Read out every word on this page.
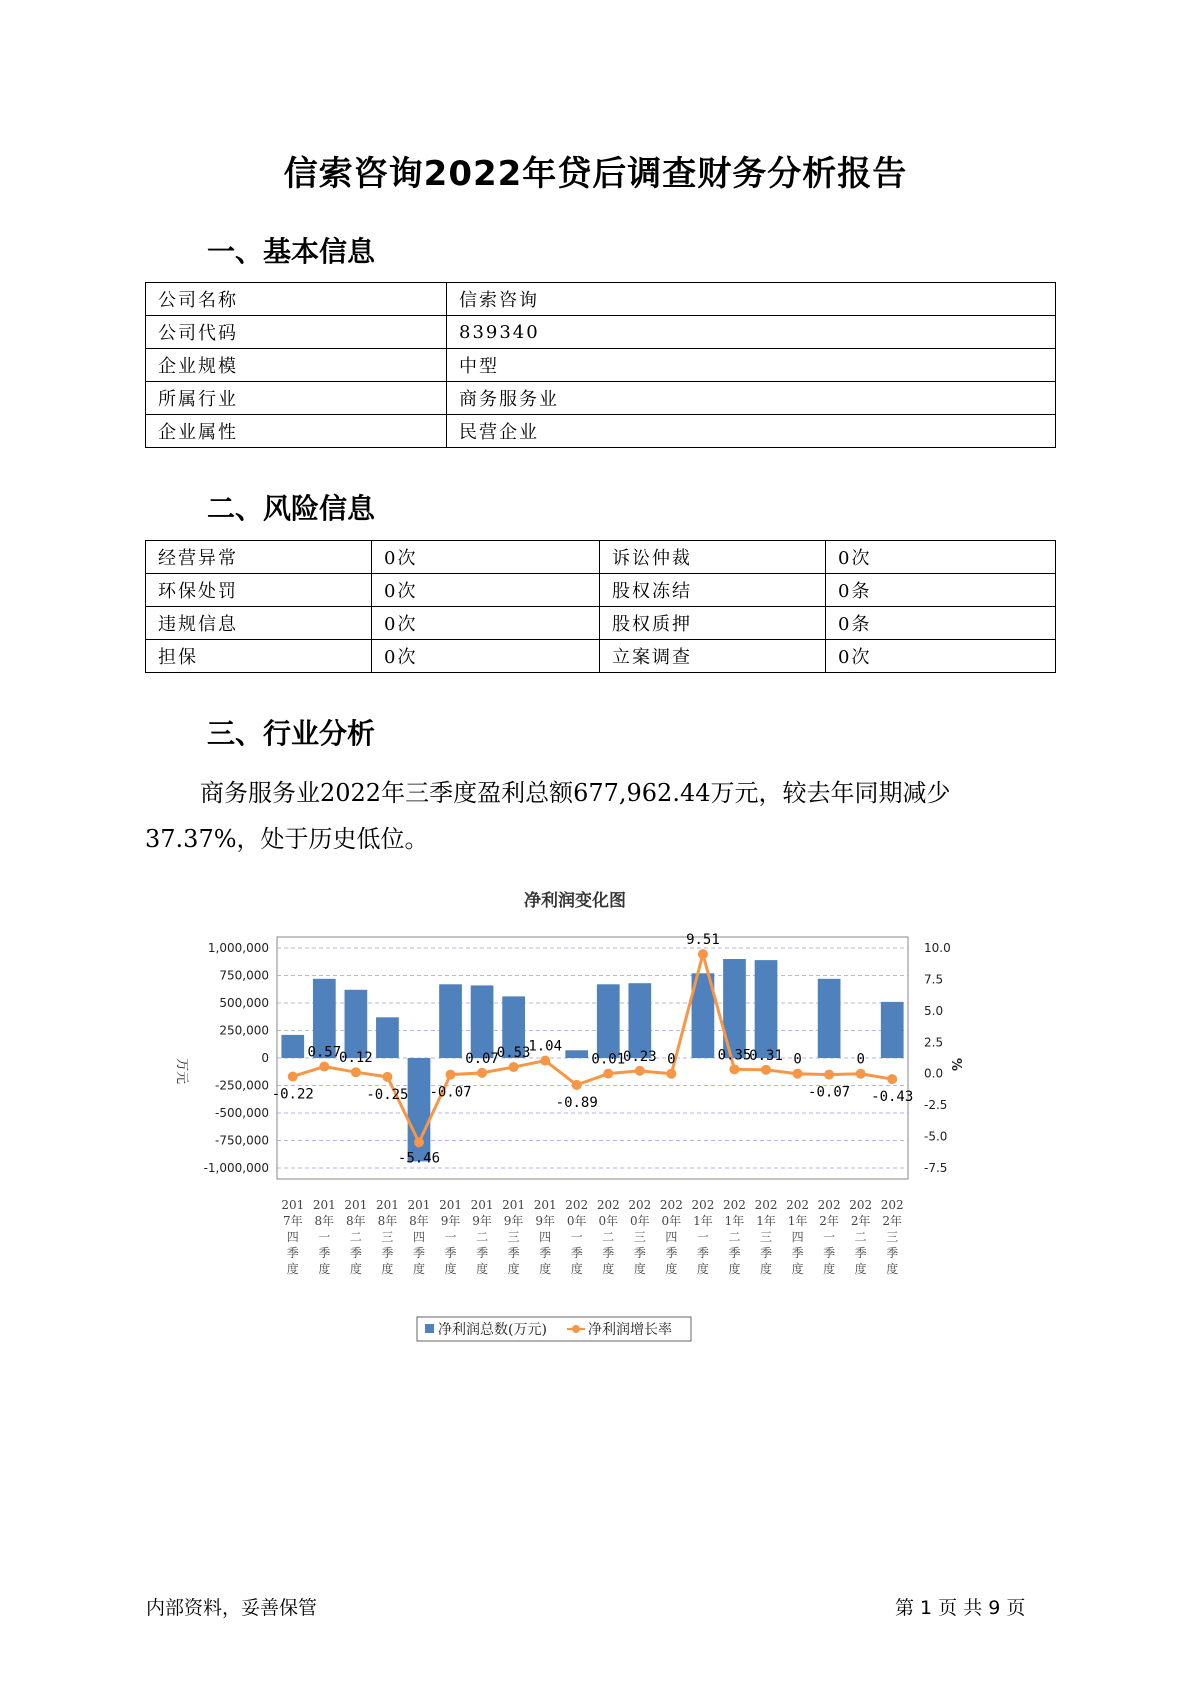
信索咨询2022年贷后调查财务分析报告
一、基本信息
公司名称	信索咨询
公司代码	839340
企业规模	中型
所属行业	商务服务业
企业属性	民营企业
二、风险信息
经营异常	0次	诉讼仲裁	0次
环保处罚	0次	股权冻结	0条
违规信息	0次	股权质押	0条
担保	0次	立案调查	0次
三、行业分析
商务服务业2022年三季度盈利总额677,962.44万元，较去年同期减少37.37%，处于历史低位。
净利润变化图
1,000,000
750,000
500,000
250,000
0
-250,000
-500,000
-750,000
-1,000,000
10.0
7.5
5.0
2.5
0.0
-2.5
-5.0
-7.5
万元	%
-0.22
0.57
0.12
-0.25
-5.46
-0.07
0.07
0.53
1.04
-0.89
0.01
0.23 0
9.51
0.35
0.31 0
-0.07
0
-0.43
201 7年四季度
201 8年一季度
201 8年二季度
201 8年三季度
201 8年四季度
201 9年一季度
201 9年二季度
201 9年三季度
201 9年四季度
202 0年一季度
202 0年二季度
202 0年三季度
202 0年四季度
202 1年一季度
202 1年二季度
202 1年三季度
202 1年四季度
202 2年一季度
202 2年二季度
202 2年三季度
净利润总数(万元)	净利润增长率
内部资料，妥善保管	第 1 页 共 9 页
